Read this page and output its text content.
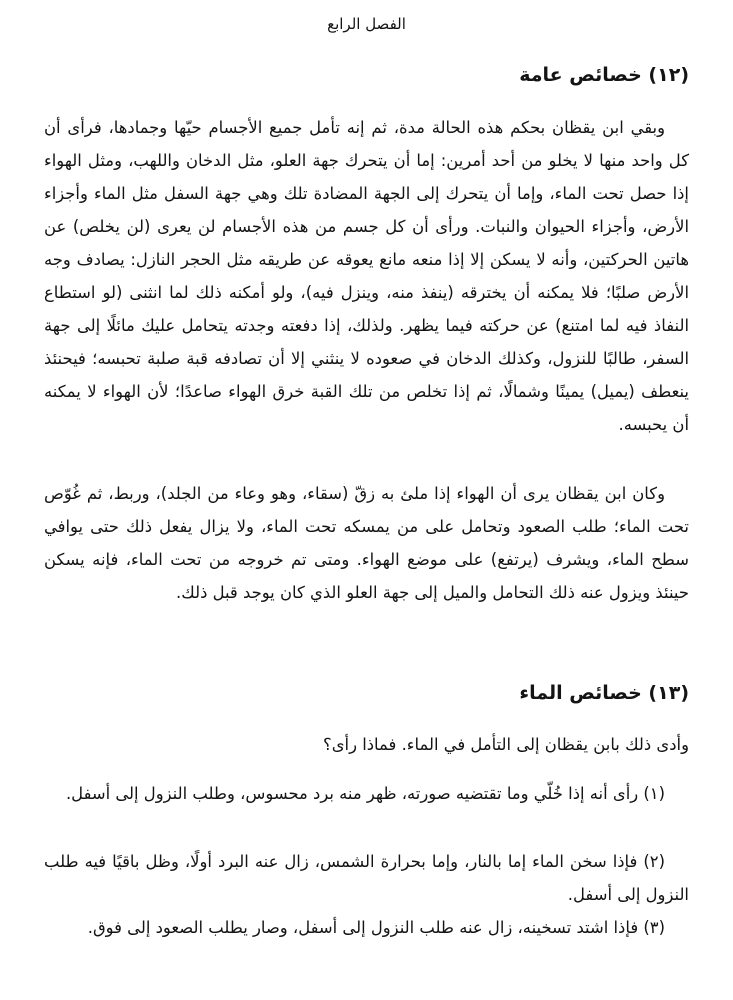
الفصل الرابع
(١٢) خصائص عامة

وبقي ابن يقظان بحكم هذه الحالة مدة، ثم إنه تأمل جميع الأجسام حيّها وجمادها، فرأى أن كل واحد منها لا يخلو من أحد أمرين: إما أن يتحرك جهة العلو، مثل الدخان واللهب، ومثل الهواء إذا حصل تحت الماء، وإما أن يتحرك إلى الجهة المضادة تلك وهي جهة السفل مثل الماء وأجزاء الأرض، وأجزاء الحيوان والنبات. ورأى أن كل جسم من هذه الأجسام لن يعرى (لن يخلص) عن هاتين الحركتين، وأنه لا يسكن إلا إذا منعه مانع يعوقه عن طريقه مثل الحجر النازل: يصادف وجه الأرض صلبًا؛ فلا يمكنه أن يخترقه (ينفذ منه، وينزل فيه)، ولو أمكنه ذلك لما انثنى (لو استطاع النفاذ فيه لما امتنع) عن حركته فيما يظهر. ولذلك، إذا دفعته وجدته يتحامل عليك مائلًا إلى جهة السفر، طالبًا للنزول، وكذلك الدخان في صعوده لا ينثني إلا أن تصادفه قبة صلبة تحبسه؛ فيحنئذ ينعطف (يميل) يمينًا وشمالًا، ثم إذا تخلص من تلك القبة خرق الهواء صاعدًا؛ لأن الهواء لا يمكنه أن يحبسه.

وكان ابن يقظان يرى أن الهواء إذا ملئ به زقّ (سقاء، وهو وعاء من الجلد)، وربط، ثم غُوّص تحت الماء؛ طلب الصعود وتحامل على من يمسكه تحت الماء، ولا يزال يفعل ذلك حتى يوافي سطح الماء، ويشرف (يرتفع) على موضع الهواء. ومتى تم خروجه من تحت الماء، فإنه يسكن حينئذ ويزول عنه ذلك التحامل والميل إلى جهة العلو الذي كان يوجد قبل ذلك.

(١٣) خصائص الماء

وأدى ذلك بابن يقظان إلى التأمل في الماء. فماذا رأى؟

(١) رأى أنه إذا خُلّي وما تقتضيه صورته، ظهر منه برد محسوس، وطلب النزول إلى أسفل.

(٢) فإذا سخن الماء إما بالنار، وإما بحرارة الشمس، زال عنه البرد أولًا، وظل باقيًا فيه طلب النزول إلى أسفل.

(٣) فإذا اشتد تسخينه، زال عنه طلب النزول إلى أسفل، وصار يطلب الصعود إلى فوق.
